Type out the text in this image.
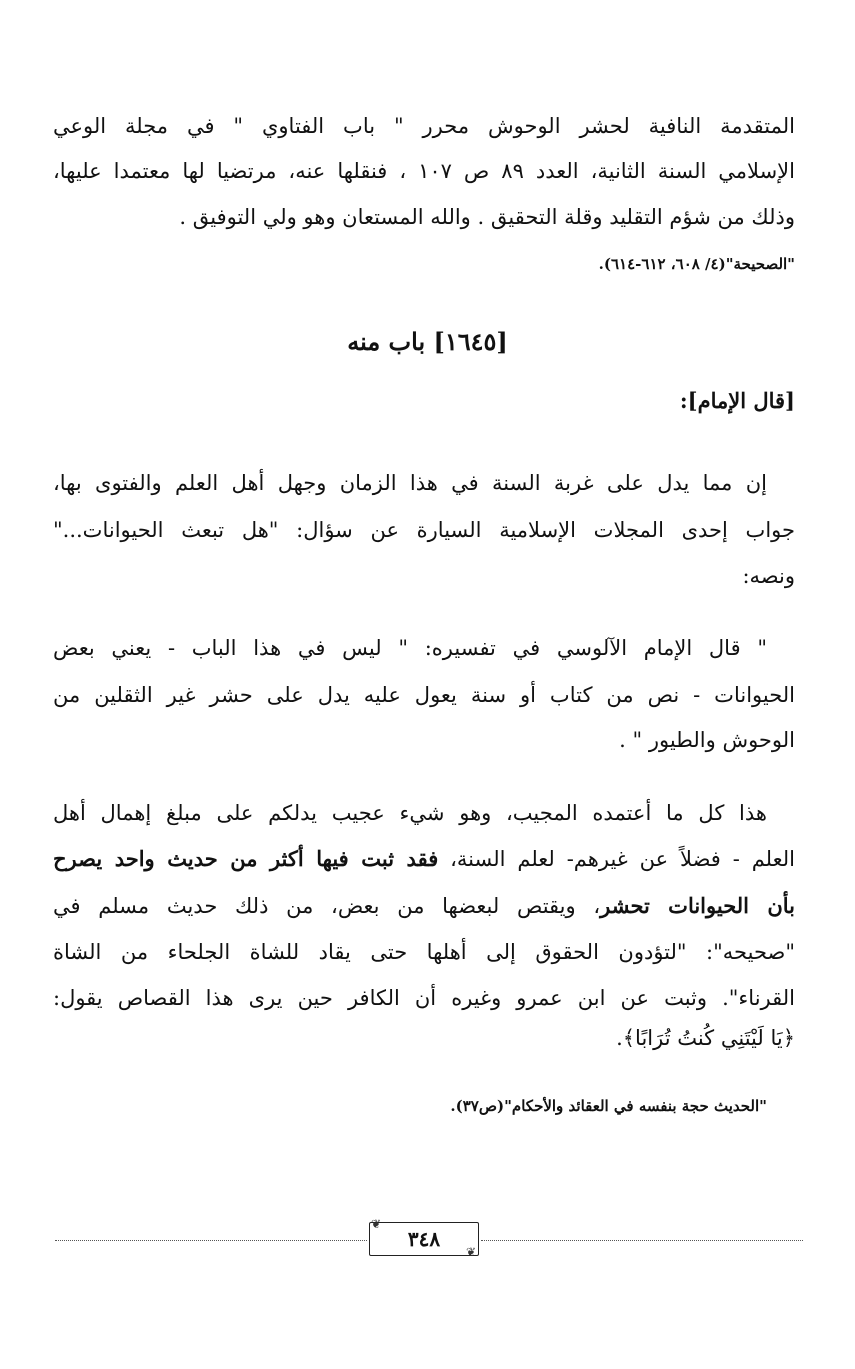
المتقدمة النافية لحشر الوحوش محرر " باب الفتاوي " في مجلة الوعي

الإسلامي السنة الثانية، العدد ٨٩ ص ١٠٧ ، فنقلها عنه، مرتضيا لها معتمدا عليها،

وذلك من شؤم التقليد وقلة التحقيق . والله المستعان وهو ولي التوفيق .

"الصحيحة"(٤/ ٦٠٨، ٦١٢-٦١٤).

[١٦٤٥] باب منه

[قال الإمام]:

إن مما يدل على غربة السنة في هذا الزمان وجهل أهل العلم والفتوى بها،

جواب إحدى المجلات الإسلامية السيارة عن سؤال: "هل تبعث الحيوانات..."

ونصه:

" قال الإمام الآلوسي في تفسيره: " ليس في هذا الباب - يعني بعض

الحيوانات - نص من كتاب أو سنة يعول عليه يدل على حشر غير الثقلين من

الوحوش والطيور " .

هذا كل ما أعتمده المجيب، وهو شيء عجيب يدلكم على مبلغ إهمال أهل

العلم - فضلاً عن غيرهم- لعلم السنة، فقد ثبت فيها أكثر من حديث واحد يصرح

بأن الحيوانات تحشر، ويقتص لبعضها من بعض، من ذلك حديث مسلم في

"صحيحه": "لتؤدون الحقوق إلى أهلها حتى يقاد للشاة الجلحاء من الشاة

القرناء". وثبت عن ابن عمرو وغيره أن الكافر حين يرى هذا القصاص يقول:

﴿يَا لَيْتَنِي كُنتُ تُرَابًا﴾.

"الحديث حجة بنفسه في العقائد والأحكام"(ص٣٧).

٣٤٨
❦
❦
